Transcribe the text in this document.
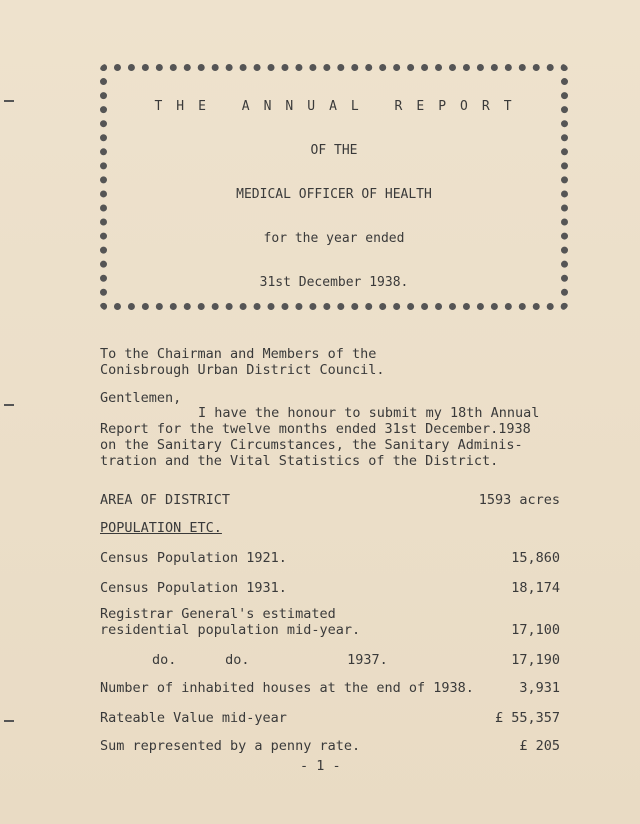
THE ANNUAL REPORT
OF THE
MEDICAL OFFICER OF HEALTH
for the year ended
31st December 1938.
To the Chairman and Members of the
Conisbrough Urban District Council.
Gentlemen,
I have the honour to submit my 18th Annual
Report for the twelve months ended 31st December.1938
on the Sanitary Circumstances, the Sanitary Adminis-
tration and the Vital Statistics of the District.
AREA OF DISTRICT	1593 acres
POPULATION ETC.
Census Population 1921.	15,860
Census Population 1931.	18,174
Registrar General's estimated
residential population mid-year.	17,100
do.      do.            1937.	17,190
Number of inhabited houses at the end of 1938.	3,931
Rateable Value mid-year	£ 55,357
Sum represented by a penny rate.	£ 205
- 1 -
